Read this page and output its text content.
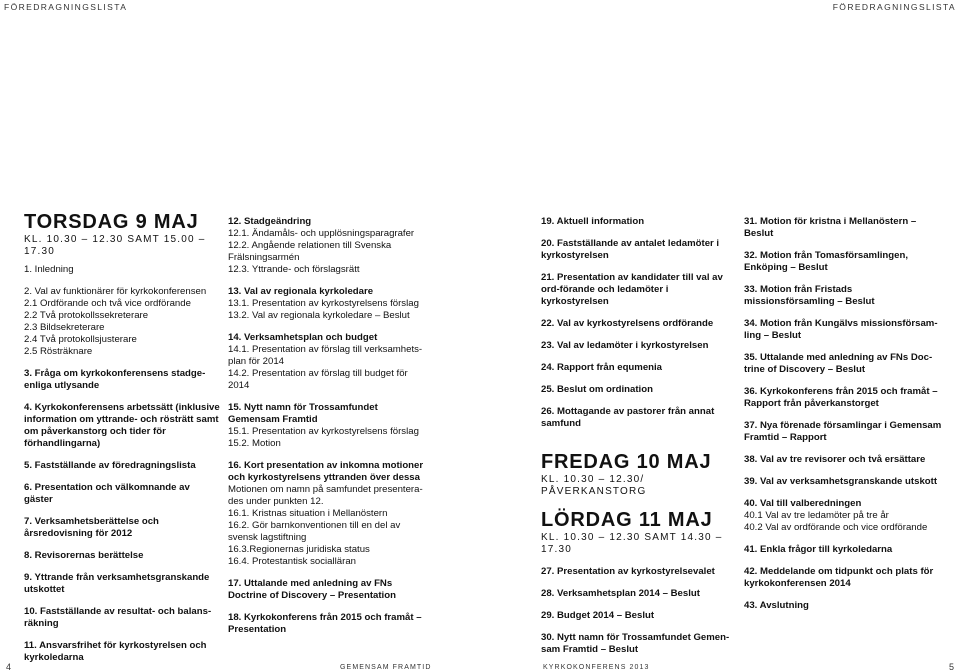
FÖREDRAGNINGSLISTA	FÖREDRAGNINGSLISTA
TORSDAG 9 MAJ

KL. 10.30 – 12.30 SAMT 15.00 – 17.30

1. Inledning

2. Val av funktionärer för kyrkokonferensen

2.1 Ordförande och två vice ordförande

2.2 Två protokollssekreterare

2.3 Bildsekreterare

2.4 Två protokollsjusterare

2.5 Rösträknare

3. Fråga om kyrkokonferensens stadge-enliga utlysande

4. Kyrkokonferensens arbetssätt (inklusive information om yttrande- och rösträtt samt om påverkanstorg och tider för förhandlingarna)

5. Fastställande av föredragningslista

6. Presentation och välkomnande av gäster

7. Verksamhetsberättelse och årsredovisning för 2012

8. Revisorernas berättelse

9. Yttrande från verksamhetsgranskande utskottet

10. Fastställande av resultat- och balans-räkning

11. Ansvarsfrihet för kyrkostyrelsen och kyrkoledarna

12. Stadgeändring

12.1. Ändamåls- och upplösningsparagrafer

12.2. Angående relationen till Svenska Frälsningsarmén

12.3. Yttrande- och förslagsrätt

13. Val av regionala kyrkoledare

13.1. Presentation av kyrkostyrelsens förslag

13.2. Val av regionala kyrkoledare – Beslut

14. Verksamhetsplan och budget

14.1. Presentation av förslag till verksamhets-plan för 2014

14.2. Presentation av förslag till budget för 2014

15. Nytt namn för Trossamfundet Gemensam Framtid

15.1. Presentation av kyrkostyrelsens förslag

15.2. Motion

16. Kort presentation av inkomna motioner och kyrkostyrelsens yttranden över dessa

Motionen om namn på samfundet presentera-des under punkten 12.

16.1. Kristnas situation i Mellanöstern

16.2. Gör barnkonventionen till en del av svensk lagstiftning

16.3.Regionernas juridiska status

16.4. Protestantisk socialläran

17. Uttalande med anledning av FNs Doctrine of Discovery – Presentation

18. Kyrkokonferens från 2015 och framåt – Presentation

19. Aktuell information

20. Fastställande av antalet ledamöter i kyrkostyrelsen

21. Presentation av kandidater till val av ord-förande och ledamöter i kyrkostyrelsen

22. Val av kyrkostyrelsens ordförande

23. Val av ledamöter i kyrkostyrelsen

24. Rapport från equmenia

25. Beslut om ordination

26. Mottagande av pastorer från annat samfund

FREDAG 10 MAJ

KL. 10.30 – 12.30/ PÅVERKANSTORG

LÖRDAG 11 MAJ

KL. 10.30 – 12.30 SAMT 14.30 – 17.30

27. Presentation av kyrkostyrelsevalet

28. Verksamhetsplan 2014 – Beslut

29. Budget 2014 – Beslut

30. Nytt namn för Trossamfundet Gemen-sam Framtid – Beslut

31. Motion för kristna i Mellanöstern – Beslut

32. Motion från Tomasförsamlingen, Enköping – Beslut

33. Motion från Fristads missionsförsamling – Beslut

34. Motion från Kungälvs missionsförsam-ling – Beslut

35. Uttalande med anledning av FNs Doc-trine of Discovery – Beslut

36. Kyrkokonferens från 2015 och framåt – Rapport från påverkanstorget

37. Nya förenade församlingar i Gemensam Framtid – Rapport

38. Val av tre revisorer och två ersättare

39. Val av verksamhetsgranskande utskott

40. Val till valberedningen

40.1 Val av tre ledamöter på tre år

40.2 Val av ordförande och vice ordförande

41. Enkla frågor till kyrkoledarna

42. Meddelande om tidpunkt och plats för kyrkokonferensen 2014

43. Avslutning

4	GEMENSAM FRAMTID	KYRKOKONFERENS 2013	5
